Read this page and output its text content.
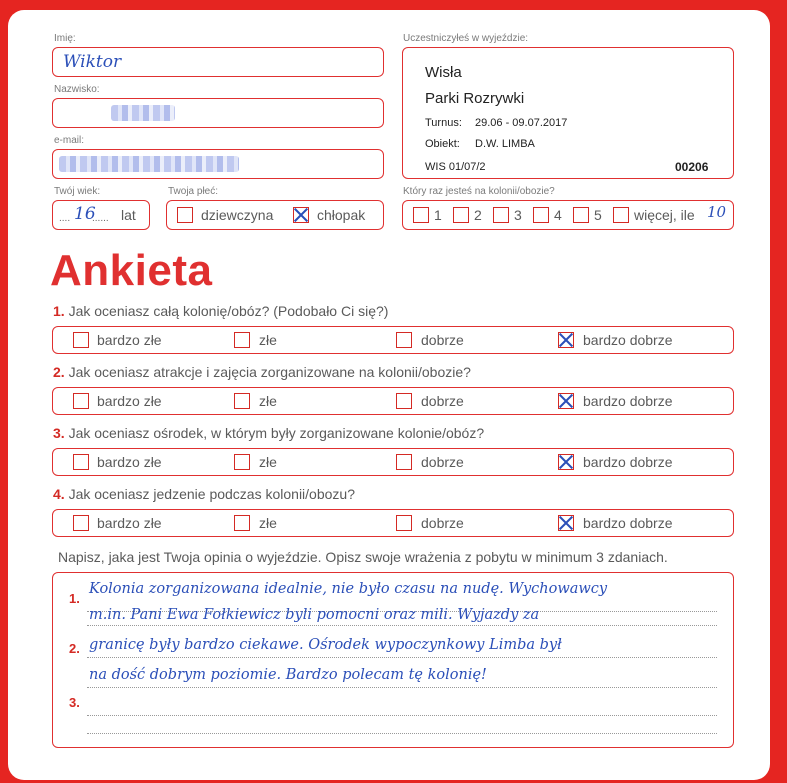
Imię:
Wiktor
Nazwisko:
e-mail:
Twój wiek:
.... 16
...... lat
Twoja płeć:
dziewczyna	chłopak
Uczestniczyłeś w wyjeździe:
Wisła
Parki Rozrywki
Turnus: 29.06 - 09.07.2017
Obiekt: D.W. LIMBA
WIS 01/07/2	00206
Który raz jesteś na kolonii/obozie?
1 2 3 4 5 więcej, ile 10
Ankieta
1. Jak oceniasz całą kolonię/obóz? (Podobało Ci się?)
bardzo złe	złe	dobrze	bardzo dobrze
2. Jak oceniasz atrakcje i zajęcia zorganizowane na kolonii/obozie?
bardzo złe	złe	dobrze	bardzo dobrze
3. Jak oceniasz ośrodek, w którym były zorganizowane kolonie/obóz?
bardzo złe	złe	dobrze	bardzo dobrze
4. Jak oceniasz jedzenie podczas kolonii/obozu?
bardzo złe	złe	dobrze	bardzo dobrze
Napisz, jaka jest Twoja opinia o wyjeździe. Opisz swoje wrażenia z pobytu w minimum 3 zdaniach.
1.
2.
3.
Kolonia zorganizowana idealnie, nie było czasu na nudę. Wychowawcy
m.in. Pani Ewa Fołkiewicz byli pomocni oraz mili. Wyjazdy za
granicę były bardzo ciekawe. Ośrodek wypoczynkowy Limba był
na dość dobrym poziomie. Bardzo polecam tę kolonię!
